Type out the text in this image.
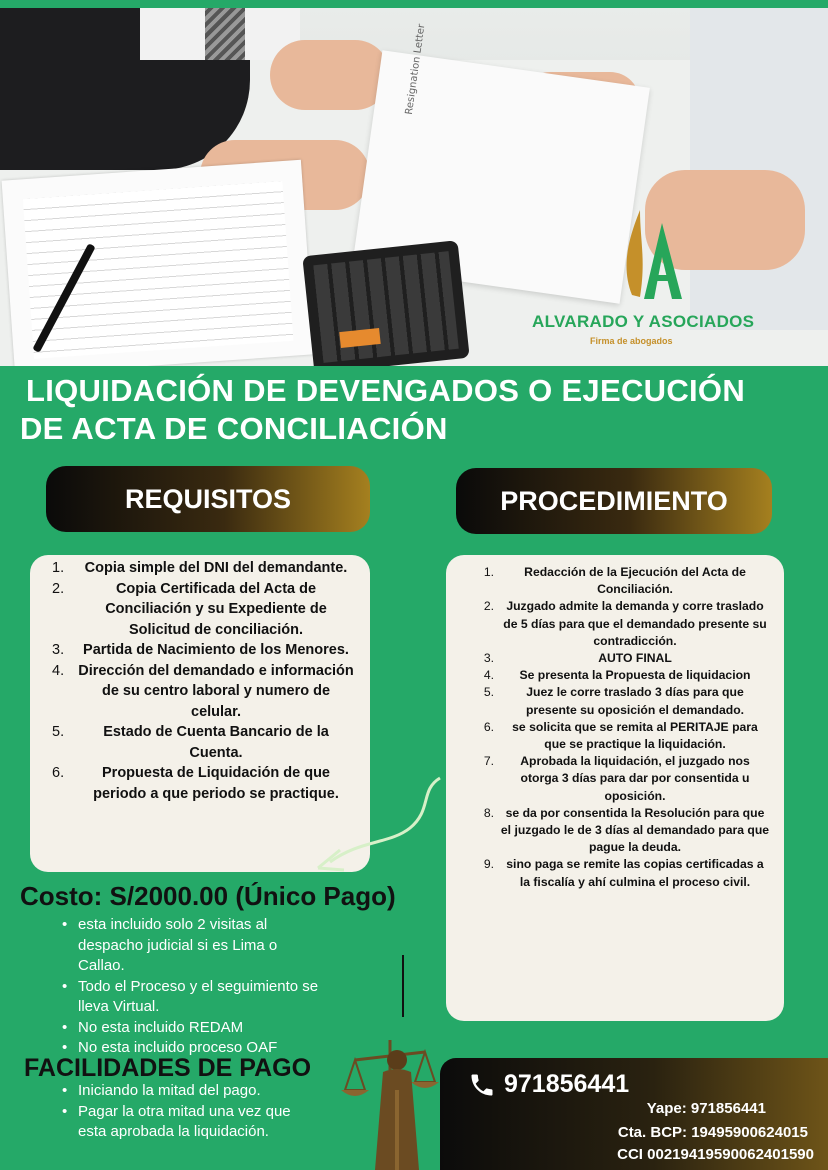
Resignation Letter
ALVARADO Y ASOCIADOS
Firma de abogados
LIQUIDACIÓN DE DEVENGADOS O EJECUCIÓN
DE ACTA DE CONCILIACIÓN
REQUISITOS	PROCEDIMIENTO
1.	Copia simple del DNI del demandante.
2.	Copia Certificada del Acta de Conciliación y su Expediente de Solicitud de conciliación.
3.	Partida de Nacimiento de los Menores.
4. Dirección del demandado e información de su centro laboral y numero de celular.
5.	Estado de Cuenta Bancario de la Cuenta.
6.	Propuesta de Liquidación de que periodo a que periodo se practique.
1.	Redacción de la Ejecución del Acta de Conciliación.
2.	Juzgado admite la demanda y corre traslado de 5 días para que el demandado presente su contradicción.
3.	AUTO FINAL
4.	Se presenta la Propuesta de liquidacion
5.	Juez le corre traslado 3 días para que presente su oposición el demandado.
6.	se solicita que se remita al PERITAJE para que se practique la liquidación.
7.	Aprobada la liquidación, el juzgado nos otorga 3 días para dar por consentida u oposición.
8. se da por consentida la Resolución para que el juzgado le de 3 días al demandado para que pague la deuda.
9.	sino paga se remite las copias certificadas a la fiscalía y ahí culmina el proceso civil.
Costo: S/2000.00 (Único Pago)
• esta incluido solo 2 visitas al despacho judicial si es Lima o Callao.
• Todo el Proceso y el seguimiento se lleva Virtual.
• No esta incluido REDAM
• No esta incluido proceso OAF
FACILIDADES DE PAGO
• Iniciando la mitad del pago.
• Pagar la otra mitad una vez que esta aprobada la liquidación.
971856441
Yape: 971856441
Cta. BCP: 19495900624015
CCI 00219419590062401590
